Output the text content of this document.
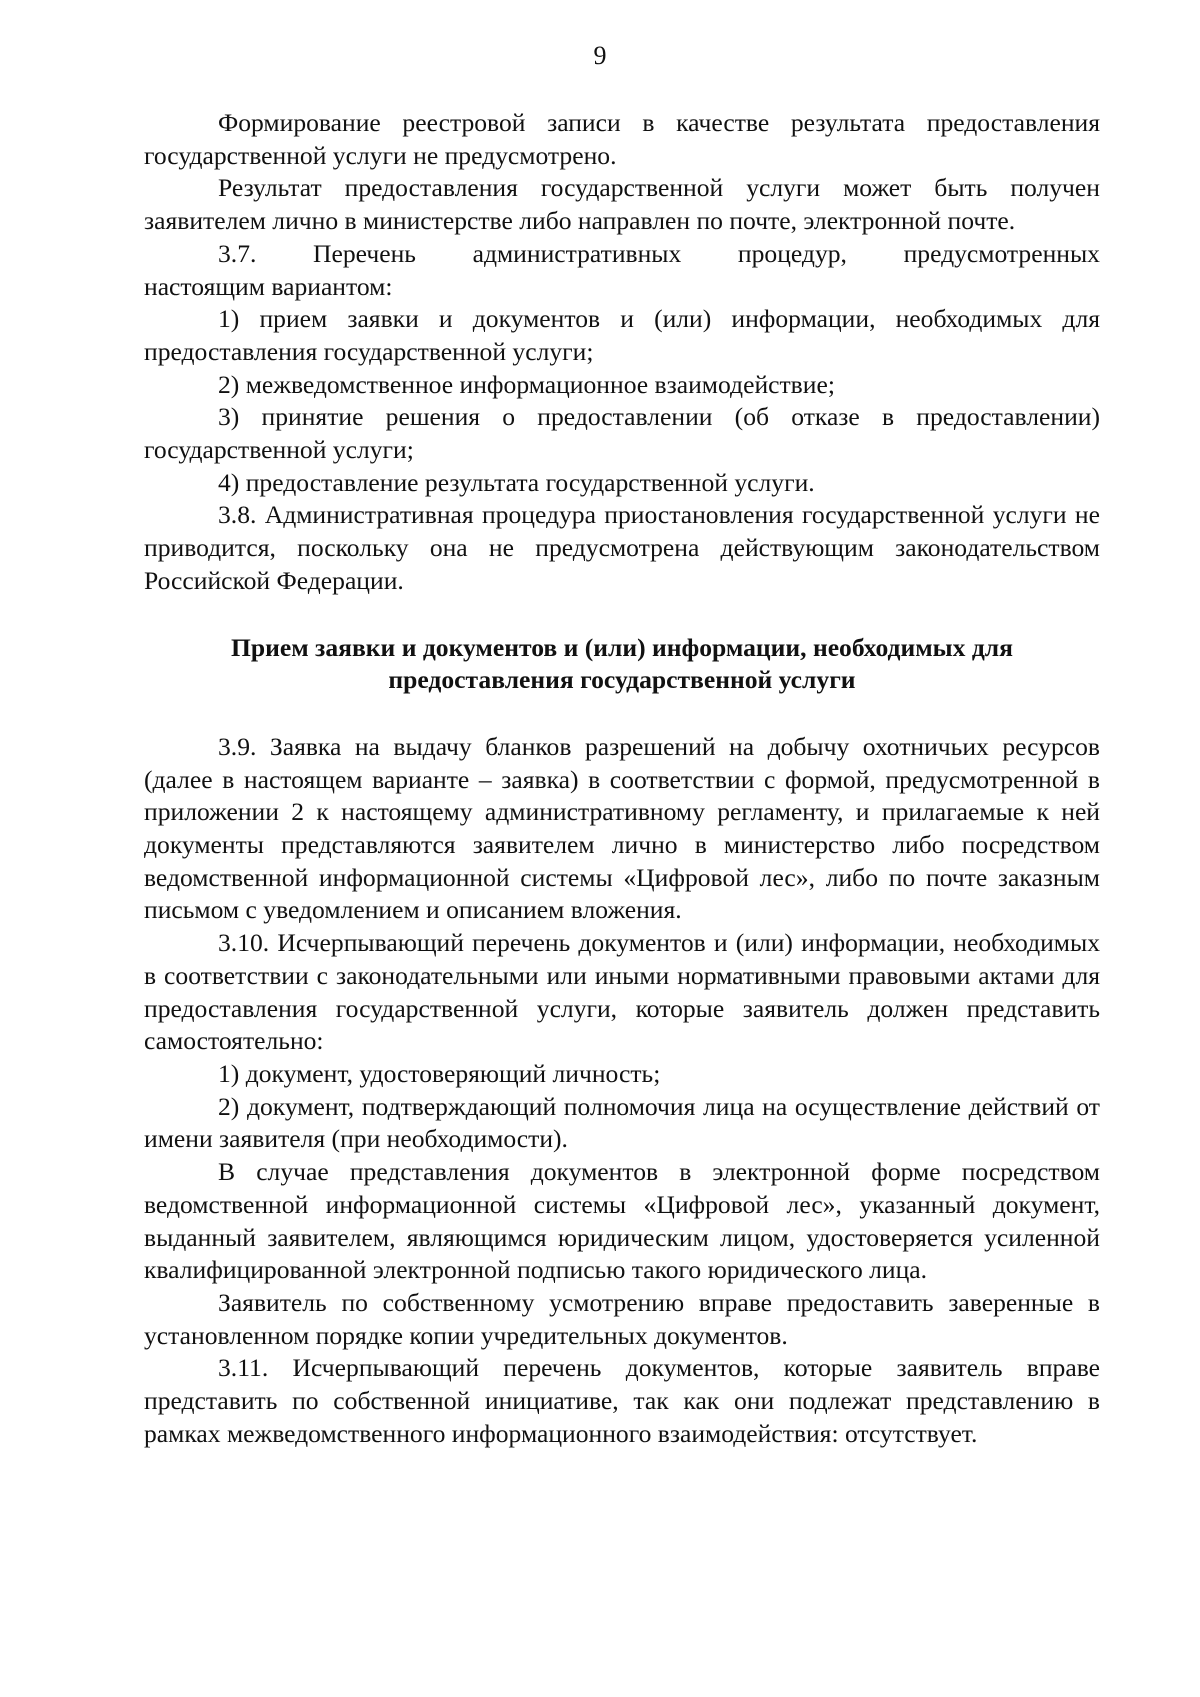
9

Формирование реестровой записи в качестве результата предоставления государственной услуги не предусмотрено.

Результат предоставления государственной услуги может быть получен заявителем лично в министерстве либо направлен по почте, электронной почте.

3.7. Перечень административных процедур, предусмотренных

настоящим вариантом:

1) прием заявки и документов и (или) информации, необходимых для предоставления государственной услуги;

2) межведомственное информационное взаимодействие;

3) принятие решения о предоставлении (об отказе в предоставлении) государственной услуги;

4) предоставление результата государственной услуги.

3.8. Административная процедура приостановления государственной услуги не приводится, поскольку она не предусмотрена действующим законодательством Российской Федерации.

Прием заявки и документов и (или) информации, необходимых для
предоставления государственной услуги

3.9. Заявка на выдачу бланков разрешений на добычу охотничьих ресурсов (далее в настоящем варианте – заявка) в соответствии с формой, предусмотренной в приложении 2 к настоящему административному регламенту, и прилагаемые к ней документы представляются заявителем лично в министерство либо посредством ведомственной информационной системы «Цифровой лес», либо по почте заказным письмом с уведомлением и описанием вложения.

3.10. Исчерпывающий перечень документов и (или) информации, необходимых в соответствии с законодательными или иными нормативными правовыми актами для предоставления государственной услуги, которые заявитель должен представить самостоятельно:

1) документ, удостоверяющий личность;

2) документ, подтверждающий полномочия лица на осуществление действий от имени заявителя (при необходимости).

В случае представления документов в электронной форме посредством ведомственной информационной системы «Цифровой лес», указанный документ, выданный заявителем, являющимся юридическим лицом, удостоверяется усиленной квалифицированной электронной подписью такого юридического лица.

Заявитель по собственному усмотрению вправе предоставить заверенные в установленном порядке копии учредительных документов.

3.11. Исчерпывающий перечень документов, которые заявитель вправе представить по собственной инициативе, так как они подлежат представлению в рамках межведомственного информационного взаимодействия: отсутствует.
